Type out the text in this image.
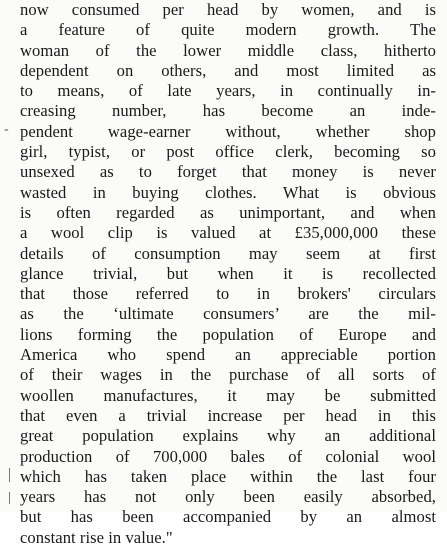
-
now consumed per head by women, and is
a feature of quite modern growth. The
woman of the lower middle class, hitherto
dependent on others, and most limited as
to means, of late years, in continually in-
creasing number, has become an inde-
pendent wage-earner without, whether shop
girl, typist, or post office clerk, becoming so
unsexed as to forget that money is never
wasted in buying clothes. What is obvious
is often regarded as unimportant, and when
a wool clip is valued at £35,000,000 these
details of consumption may seem at first
glance trivial, but when it is recollected
that those referred to in brokers' circulars
as the ‘ultimate consumers’ are the mil-
lions forming the population of Europe and
America who spend an appreciable portion
of their wages in the purchase of all sorts of
woollen manufactures, it may be submitted
that even a trivial increase per head in this
great population explains why an additional
production of 700,000 bales of colonial wool
which has taken place within the last four
years has not only been easily absorbed,
but has been accompanied by an almost
constant rise in value."
